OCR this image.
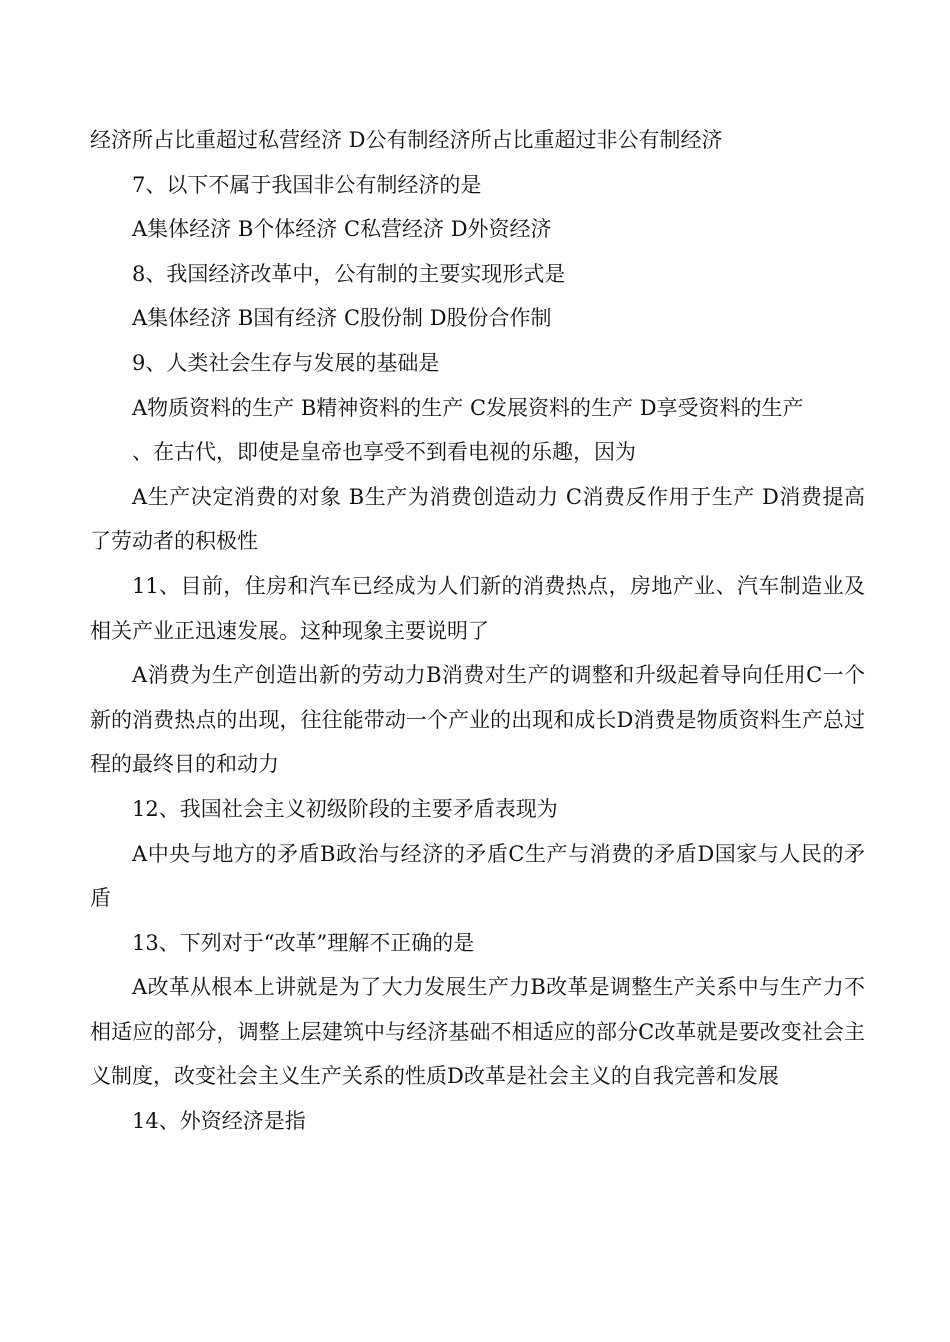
经济所占比重超过私营经济 D公有制经济所占比重超过非公有制经济

7、以下不属于我国非公有制经济的是

A集体经济 B个体经济 C私营经济 D外资经济

8、我国经济改革中，公有制的主要实现形式是

A集体经济 B国有经济 C股份制 D股份合作制

9、人类社会生存与发展的基础是

A物质资料的生产 B精神资料的生产 C发展资料的生产 D享受资料的生产

、在古代，即使是皇帝也享受不到看电视的乐趣，因为

A生产决定消费的对象 B生产为消费创造动力 C消费反作用于生产 D消费提高了劳动者的积极性

11、目前，住房和汽车已经成为人们新的消费热点，房地产业、汽车制造业及相关产业正迅速发展。这种现象主要说明了

A消费为生产创造出新的劳动力B消费对生产的调整和升级起着导向任用C一个新的消费热点的出现，往往能带动一个产业的出现和成长D消费是物质资料生产总过程的最终目的和动力

12、我国社会主义初级阶段的主要矛盾表现为

A中央与地方的矛盾B政治与经济的矛盾C生产与消费的矛盾D国家与人民的矛盾

13、下列对于“改革”理解不正确的是

A改革从根本上讲就是为了大力发展生产力B改革是调整生产关系中与生产力不相适应的部分，调整上层建筑中与经济基础不相适应的部分C改革就是要改变社会主义制度，改变社会主义生产关系的性质D改革是社会主义的自我完善和发展

14、外资经济是指
